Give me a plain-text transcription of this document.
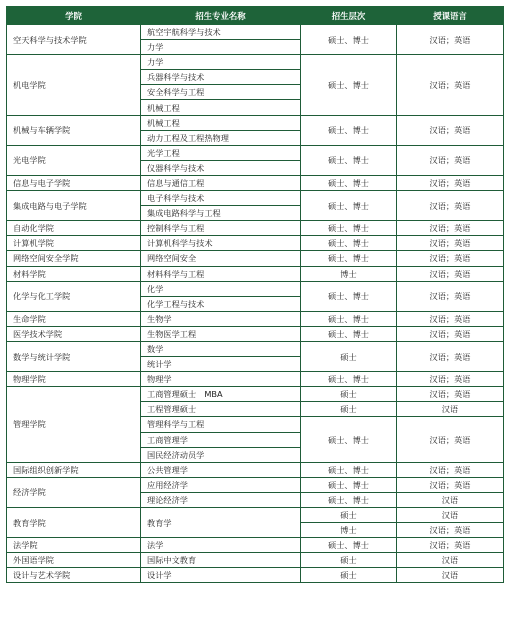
学院	招生专业名称	招生层次	授课语言
空天科学与技术学院	航空宇航科学与技术	硕士、博士	汉语；英语
	力学		
机电学院	力学	硕士、博士	汉语；英语
	兵器科学与技术		
	安全科学与工程		
	机械工程		
机械与车辆学院	机械工程	硕士、博士	汉语；英语
	动力工程及工程热物理		
光电学院	光学工程	硕士、博士	汉语；英语
	仪器科学与技术		
信息与电子学院	信息与通信工程	硕士、博士	汉语；英语
集成电路与电子学院	电子科学与技术	硕士、博士	汉语；英语
	集成电路科学与工程		
自动化学院	控制科学与工程	硕士、博士	汉语；英语
计算机学院	计算机科学与技术	硕士、博士	汉语；英语
网络空间安全学院	网络空间安全	硕士、博士	汉语；英语
材料学院	材料科学与工程	博士	汉语；英语
化学与化工学院	化学	硕士、博士	汉语；英语
	化学工程与技术		
生命学院	生物学	硕士、博士	汉语；英语
医学技术学院	生物医学工程	硕士、博士	汉语；英语
数学与统计学院	数学	硕士	汉语；英语
	统计学		
物理学院	物理学	硕士、博士	汉语；英语
管理学院	工商管理硕士　MBA	硕士	汉语；英语
	工程管理硕士	硕士	汉语
	管理科学与工程	硕士、博士	汉语；英语
	工商管理学		
	国民经济动员学		
国际组织创新学院	公共管理学	硕士、博士	汉语；英语
经济学院	应用经济学	硕士、博士	汉语；英语
	理论经济学	硕士、博士	汉语
教育学院	教育学	硕士	汉语
		博士	汉语；英语
法学院	法学	硕士、博士	汉语；英语
外国语学院	国际中文教育	硕士	汉语
设计与艺术学院	设计学	硕士	汉语
